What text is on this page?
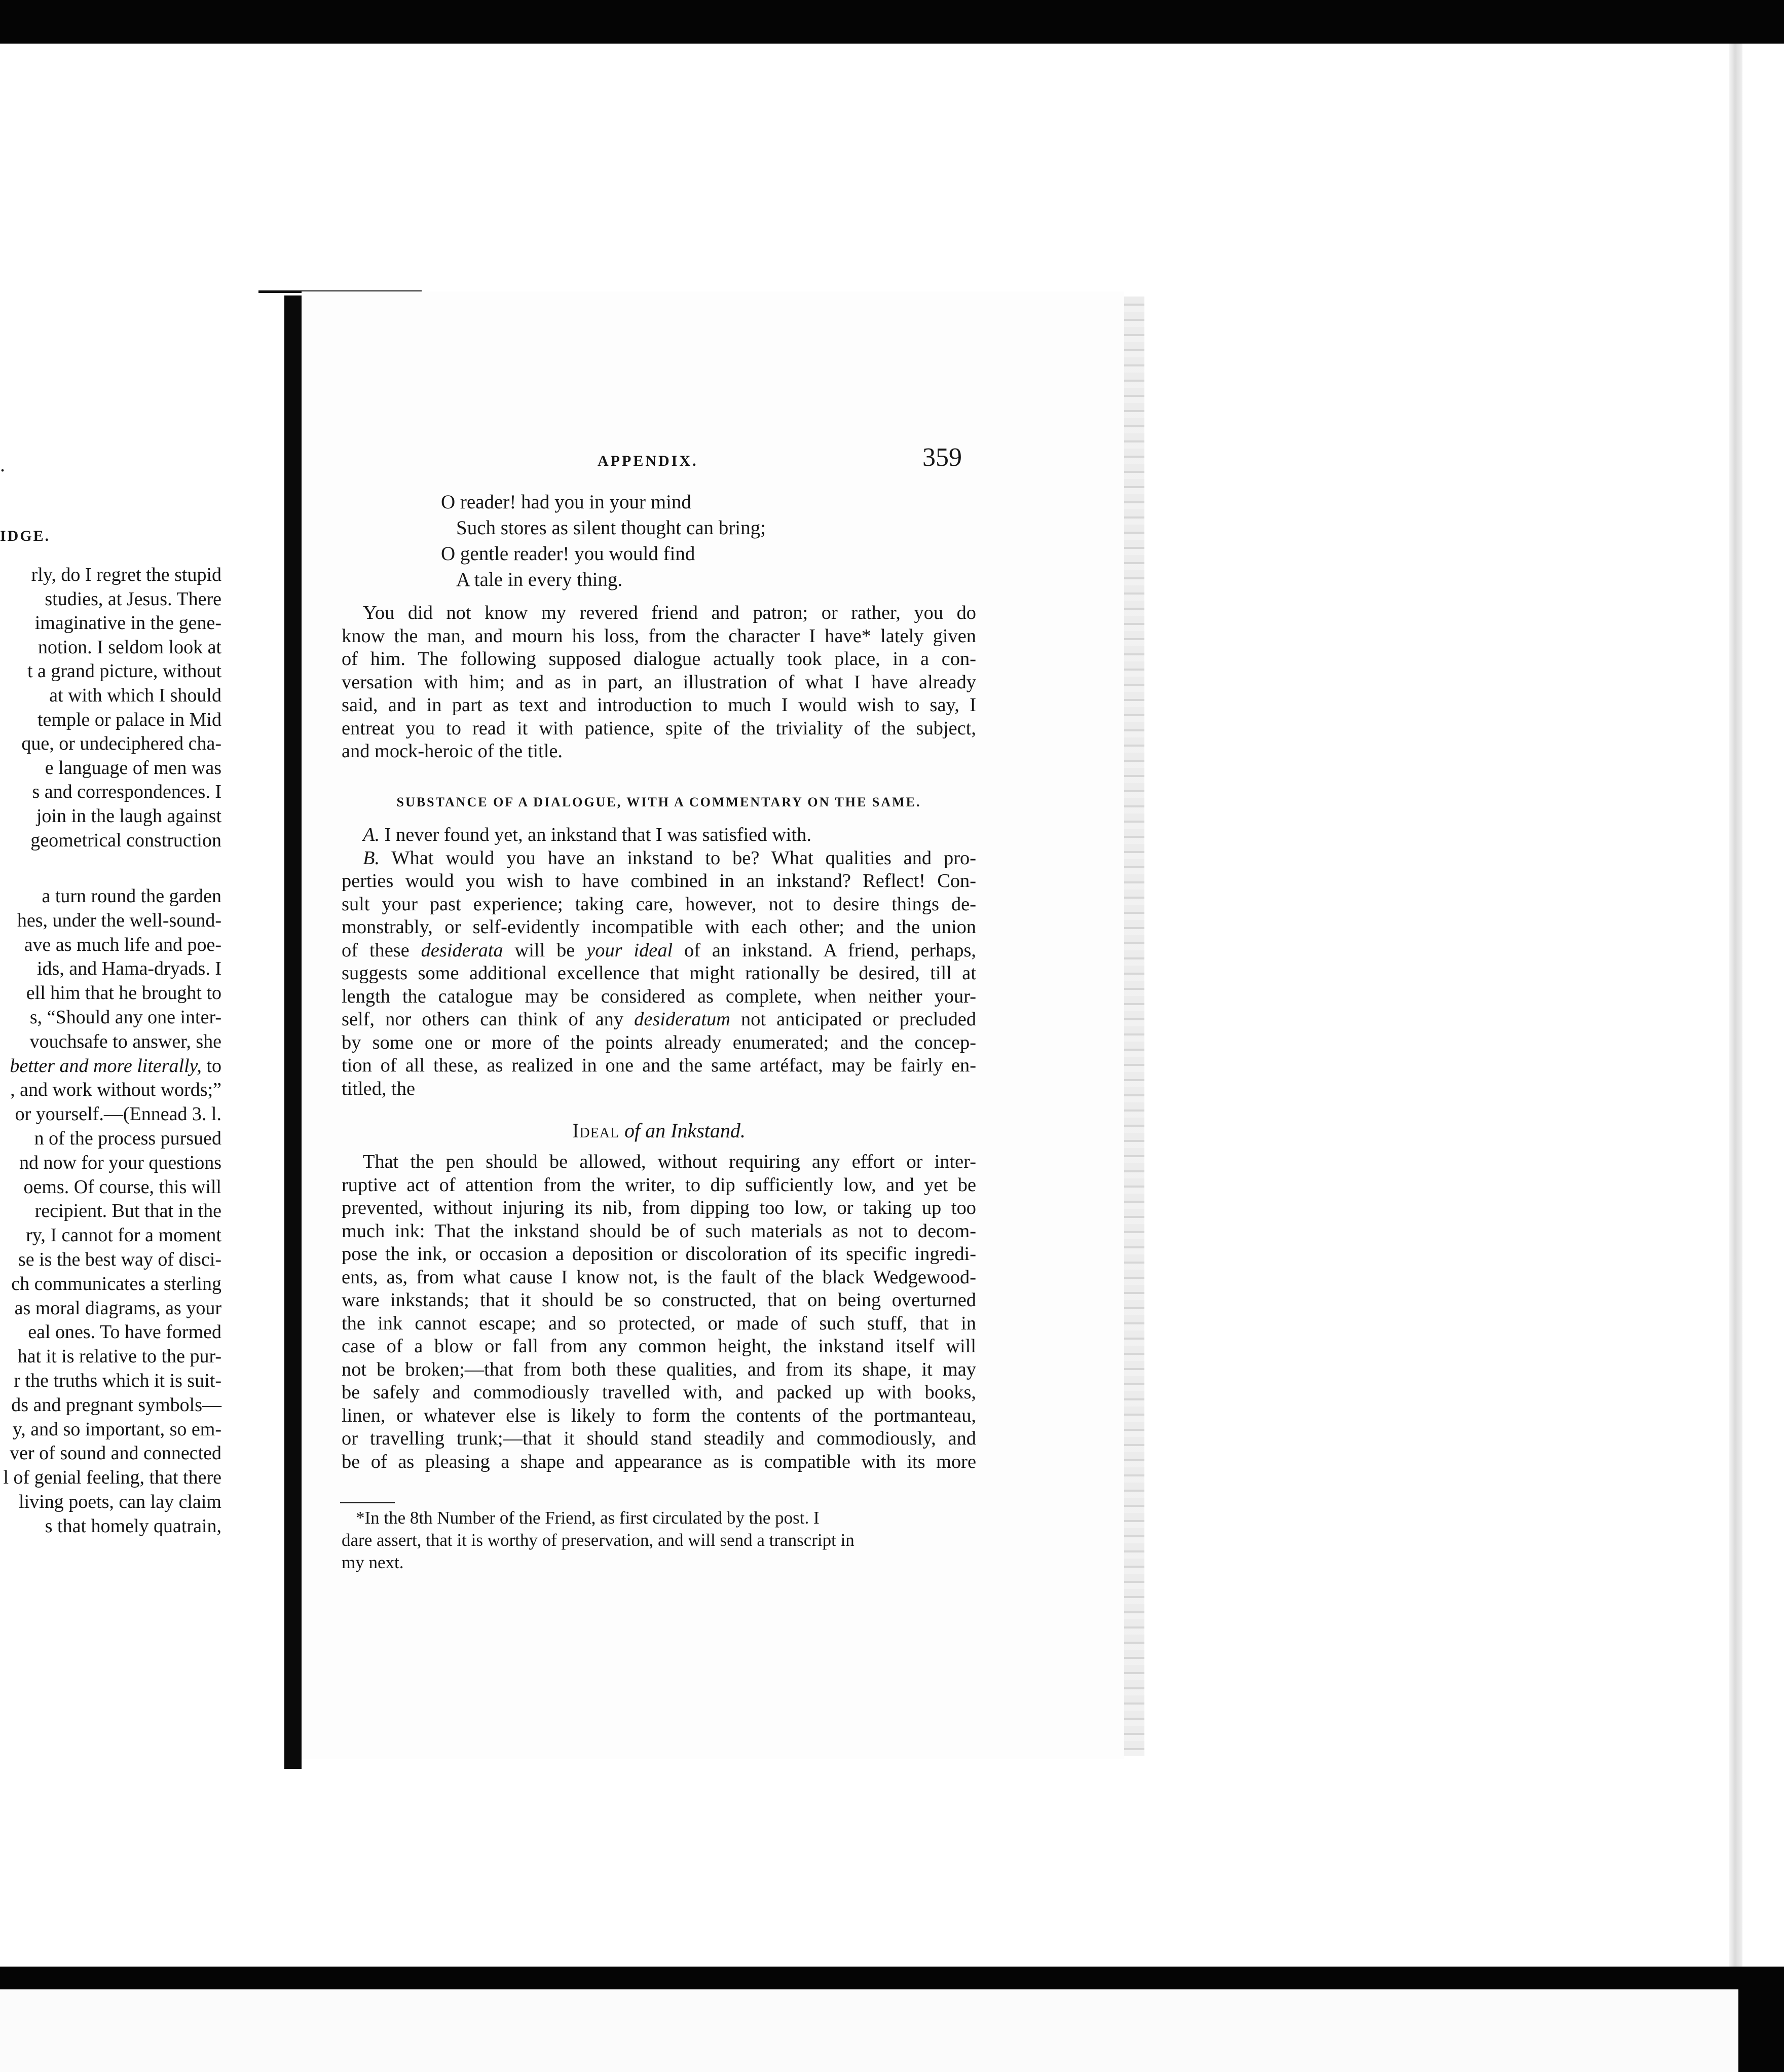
.
IDGE.
rly, do I regret the stupid
studies, at Jesus. There
imaginative in the gene-
notion. I seldom look at
t a grand picture, without
at with which I should
temple or palace in Mid
que, or undeciphered cha-
e language of men was
s and correspondences. I
join in the laugh against
geometrical construction
a turn round the garden
hes, under the well-sound-
ave as much life and poe-
ids, and Hama-dryads. I
ell him that he brought to
s, “Should any one inter-
vouchsafe to answer, she
better and more literally, to
, and work without words;”
or yourself.—(Ennead 3. l.
n of the process pursued
nd now for your questions
oems. Of course, this will
recipient. But that in the
ry, I cannot for a moment
se is the best way of disci-
ch communicates a sterling
as moral diagrams, as your
eal ones. To have formed
hat it is relative to the pur-
r the truths which it is suit-
ds and pregnant symbols—
y, and so important, so em-
ver of sound and connected
l of genial feeling, that there
living poets, can lay claim
s that homely quatrain,
APPENDIX.	359
O reader! had you in your mind
Such stores as silent thought can bring;
O gentle reader! you would find
A tale in every thing.
You did not know my revered friend and patron; or rather, you do
know the man, and mourn his loss, from the character I have* lately given
of him. The following supposed dialogue actually took place, in a con-
versation with him; and as in part, an illustration of what I have already
said, and in part as text and introduction to much I would wish to say, I
entreat you to read it with patience, spite of the triviality of the subject,
and mock-heroic of the title.
SUBSTANCE OF A DIALOGUE, WITH A COMMENTARY ON THE SAME.
A. I never found yet, an inkstand that I was satisfied with.
B. What would you have an inkstand to be? What qualities and pro-
perties would you wish to have combined in an inkstand? Reflect! Con-
sult your past experience; taking care, however, not to desire things de-
monstrably, or self-evidently incompatible with each other; and the union
of these desiderata will be your ideal of an inkstand. A friend, perhaps,
suggests some additional excellence that might rationally be desired, till at
length the catalogue may be considered as complete, when neither your-
self, nor others can think of any desideratum not anticipated or precluded
by some one or more of the points already enumerated; and the concep-
tion of all these, as realized in one and the same artéfact, may be fairly en-
titled, the
Ideal of an Inkstand.
That the pen should be allowed, without requiring any effort or inter-
ruptive act of attention from the writer, to dip sufficiently low, and yet be
prevented, without injuring its nib, from dipping too low, or taking up too
much ink: That the inkstand should be of such materials as not to decom-
pose the ink, or occasion a deposition or discoloration of its specific ingredi-
ents, as, from what cause I know not, is the fault of the black Wedgewood-
ware inkstands; that it should be so constructed, that on being overturned
the ink cannot escape; and so protected, or made of such stuff, that in
case of a blow or fall from any common height, the inkstand itself will
not be broken;—that from both these qualities, and from its shape, it may
be safely and commodiously travelled with, and packed up with books,
linen, or whatever else is likely to form the contents of the portmanteau,
or travelling trunk;—that it should stand steadily and commodiously, and
be of as pleasing a shape and appearance as is compatible with its more
*In the 8th Number of the Friend, as first circulated by the post. I
dare assert, that it is worthy of preservation, and will send a transcript in
my next.
